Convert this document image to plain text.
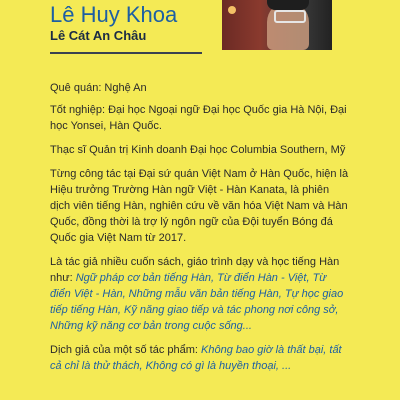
Lê Huy Khoa
Lê Cát An Châu

Quê quán: Nghệ An

Tốt nghiệp: Đại học Ngoại ngữ Đại học Quốc gia Hà Nội, Đại học Yonsei, Hàn Quốc.

Thạc sĩ Quản trị Kinh doanh Đại học Columbia Southern, Mỹ

Từng công tác tại Đại sứ quán Việt Nam ở Hàn Quốc, hiện là Hiệu trưởng Trường Hàn ngữ Việt - Hàn Kanata, là phiên dịch viên tiếng Hàn, nghiên cứu về văn hóa Việt Nam và Hàn Quốc, đồng thời là trợ lý ngôn ngữ của Đội tuyển Bóng đá Quốc gia Việt Nam từ 2017.

Là tác giả nhiều cuốn sách, giáo trình dạy và học tiếng Hàn như: Ngữ pháp cơ bản tiếng Hàn, Từ điển Hàn - Việt, Từ điển Việt - Hàn, Những mẫu văn bản tiếng Hàn, Tự học giao tiếp tiếng Hàn, Kỹ năng giao tiếp và tác phong nơi công sở, Những kỹ năng cơ bản trong cuộc sống...

Dịch giả của một số tác phẩm: Không bao giờ là thất bại, tất cả chỉ là thử thách, Không có gì là huyền thoại, ...
